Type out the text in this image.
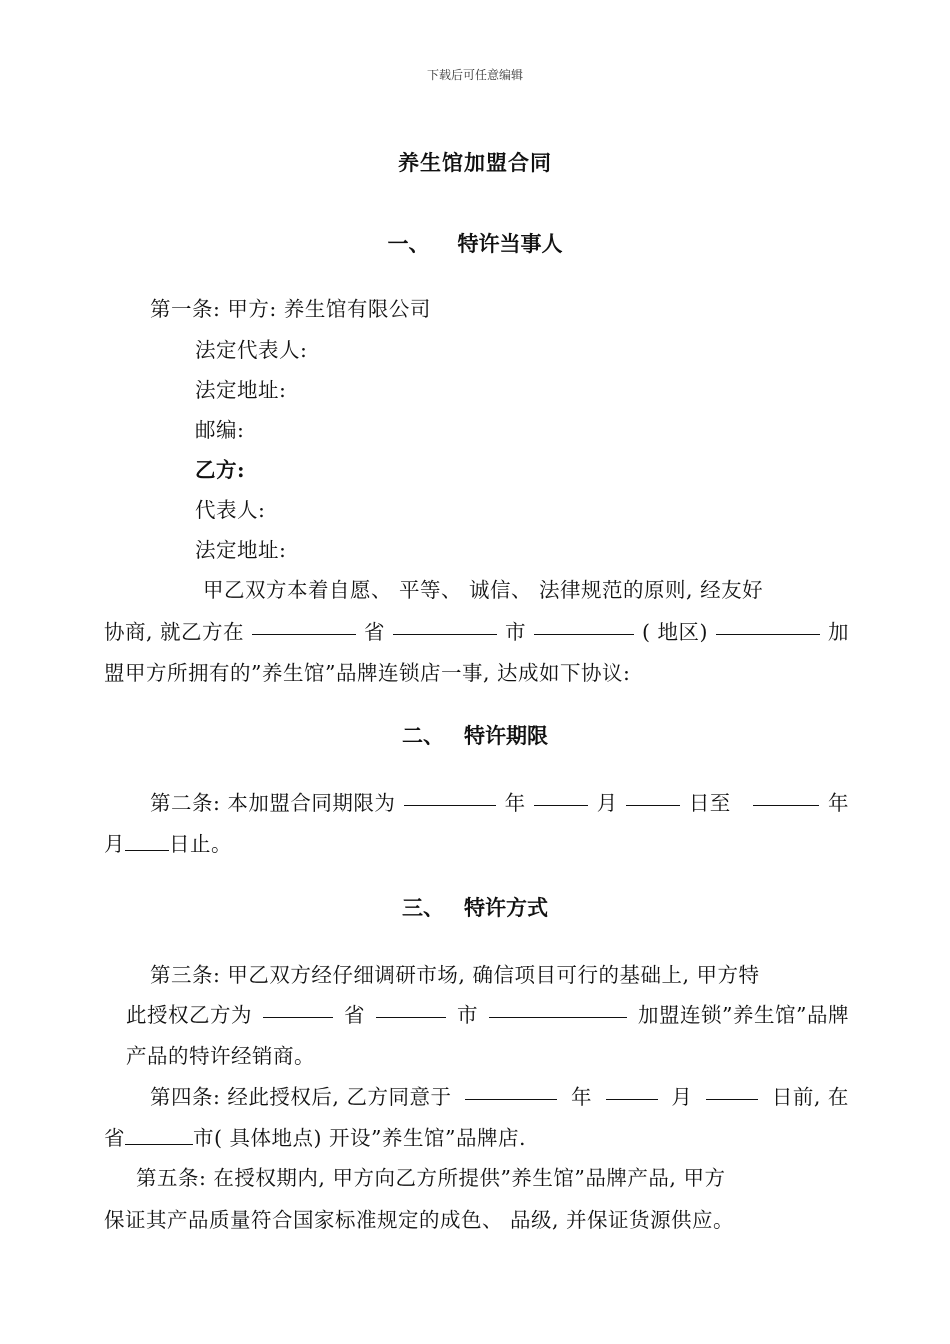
下载后可任意编辑
养生馆加盟合同
一、 特许当事人
第一条: 甲方: 养生馆有限公司
法定代表人:
法定地址:
邮编:
乙方:
代表人:
法定地址:
甲乙双方本着自愿、 平等、 诚信、 法律规范的原则, 经友好
协商, 就乙方在	省	市	( 地区)	加
盟甲方所拥有的”养生馆”品牌连锁店一事, 达成如下协议:
二、 特许期限
第二条: 本加盟合同期限为	年	月	日至	年
月 日止。
三、 特许方式
第三条: 甲乙双方经仔细调研市场, 确信项目可行的基础上, 甲方特
此授权乙方为	省	市	加盟连锁”养生馆”品牌
产品的特许经销商。
第四条: 经此授权后, 乙方同意于	年	月	日前, 在
省	市( 具体地点) 开设”养生馆”品牌店.
第五条: 在授权期内, 甲方向乙方所提供”养生馆”品牌产品, 甲方
保证其产品质量符合国家标准规定的成色、 品级, 并保证货源供应。
